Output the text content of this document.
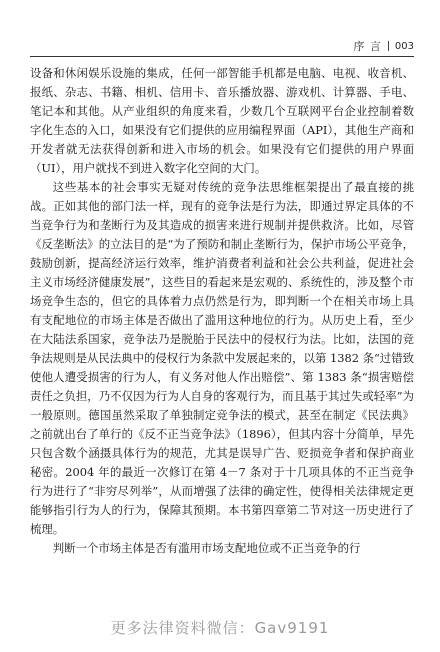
序 言 003

设备和休闲娱乐设施的集成，任何一部智能手机都是电脑、电视、收音机、报纸、杂志、书籍、相机、信用卡、音乐播放器、游戏机、计算器、手电、笔记本和其他。从产业组织的角度来看，少数几个互联网平台企业控制着数字化生态的入口，如果没有它们提供的应用编程界面（API），其他生产商和开发者就无法获得创新和进入市场的机会。如果没有它们提供的用户界面（UI），用户就找不到进入数字化空间的大门。

这些基本的社会事实无疑对传统的竞争法思维框架提出了最直接的挑战。正如其他的部门法一样，现有的竞争法是行为法，即通过界定具体的不当竞争行为和垄断行为及其造成的损害来进行规制并提供救济。比如，尽管《反垄断法》的立法目的是“为了预防和制止垄断行为，保护市场公平竞争，鼓励创新，提高经济运行效率，维护消费者利益和社会公共利益，促进社会主义市场经济健康发展”，这些目的看起来是宏观的、系统性的，涉及整个市场竞争生态的，但它的具体着力点仍然是行为，即判断一个在相关市场上具有支配地位的市场主体是否做出了滥用这种地位的行为。从历史上看，至少在大陆法系国家，竞争法乃是脱胎于民法中的侵权行为法。比如，法国的竞争法规则是从民法典中的侵权行为条款中发展起来的，以第 1382 条“过错致使他人遭受损害的行为人，有义务对他人作出赔偿”、第 1383 条“损害赔偿责任之负担，乃不仅因为行为人自身的客观行为，而且基于其过失或轻率”为一般原则。德国虽然采取了单独制定竞争法的模式，甚至在制定《民法典》之前就出台了单行的《反不正当竞争法》（1896），但其内容十分简单，早先只包含数个涵摄具体行为的规范，尤其是误导广告、贬损竞争者和保护商业秘密。2004 年的最近一次修订在第 4－7 条对于十几项具体的不正当竞争行为进行了“非穷尽列举”，从而增强了法律的确定性，使得相关法律规定更能够指引行为人的行为，保障其预期。本书第四章第二节对这一历史进行了梳理。

判断一个市场主体是否有滥用市场支配地位或不正当竞争的行

更多法律资料微信：Gav9191
